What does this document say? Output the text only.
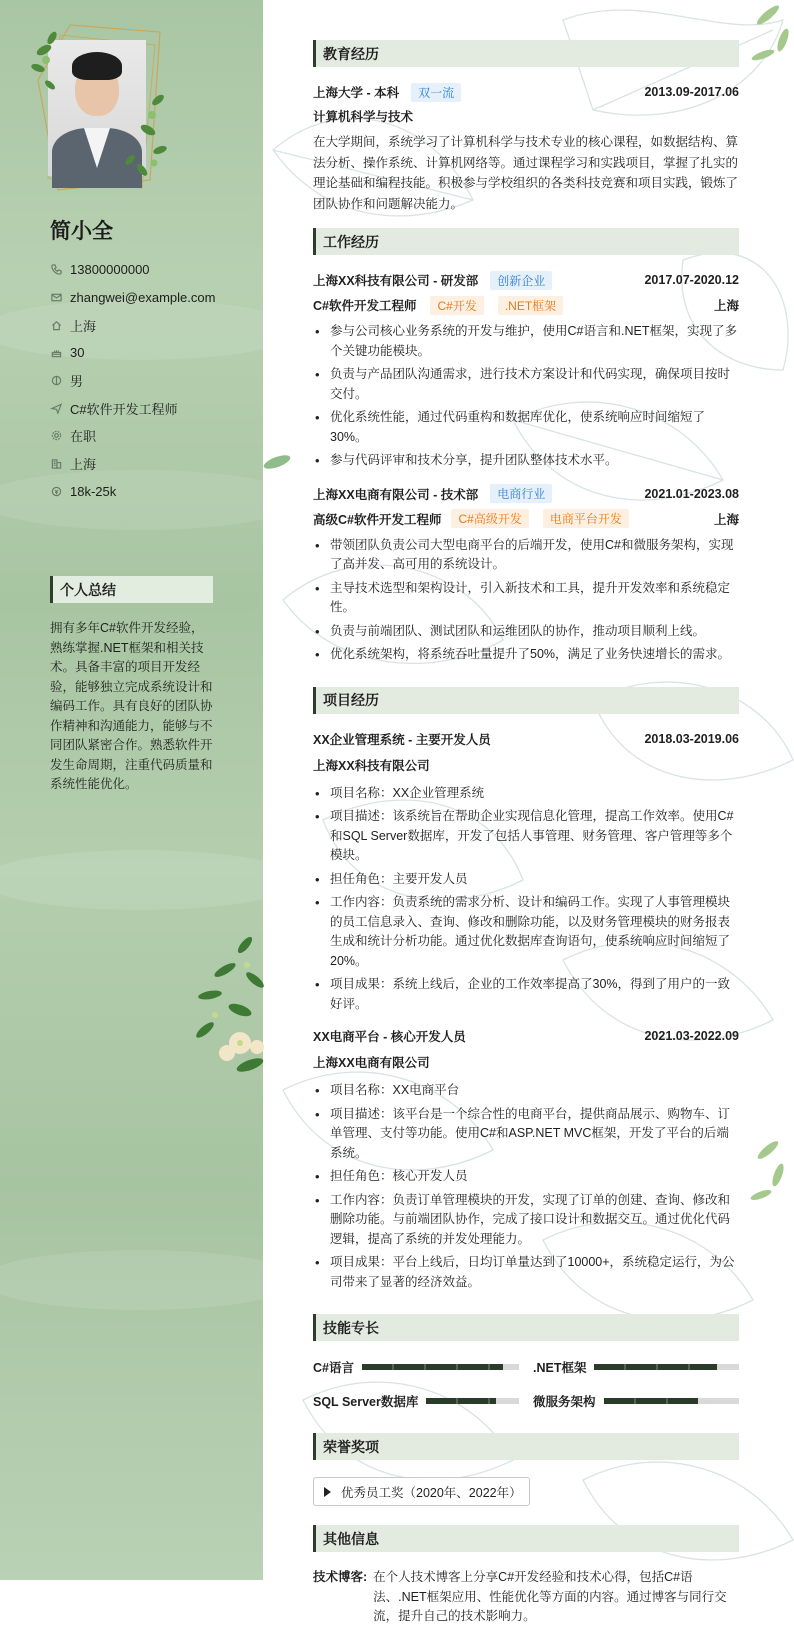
简小全
13800000000
zhangwei@example.com
上海
30
男
C#软件开发工程师
在职
上海
18k-25k
个人总结

拥有多年C#软件开发经验，熟练掌握.NET框架和相关技术。具备丰富的项目开发经验，能够独立完成系统设计和编码工作。具有良好的团队协作精神和沟通能力，能够与不同团队紧密合作。熟悉软件开发生命周期，注重代码质量和系统性能优化。

教育经历
上海大学 - 本科	双一流	2013.09-2017.06
计算机科学与技术

在大学期间，系统学习了计算机科学与技术专业的核心课程，如数据结构、算法分析、操作系统、计算机网络等。通过课程学习和实践项目，掌握了扎实的理论基础和编程技能。积极参与学校组织的各类科技竞赛和项目实践，锻炼了团队协作和问题解决能力。

工作经历
上海XX科技有限公司 - 研发部	创新企业	2017.07-2020.12
C#软件开发工程师	C#开发	.NET框架	上海
• 参与公司核心业务系统的开发与维护，使用C#语言和.NET框架，实现了多个关键功能模块。
• 负责与产品团队沟通需求，进行技术方案设计和代码实现，确保项目按时交付。
• 优化系统性能，通过代码重构和数据库优化，使系统响应时间缩短了30%。
• 参与代码评审和技术分享，提升团队整体技术水平。
上海XX电商有限公司 - 技术部	电商行业	2021.01-2023.08
高级C#软件开发工程师	C#高级开发	电商平台开发	上海
• 带领团队负责公司大型电商平台的后端开发，使用C#和微服务架构，实现了高并发、高可用的系统设计。
• 主导技术选型和架构设计，引入新技术和工具，提升开发效率和系统稳定性。
• 负责与前端团队、测试团队和运维团队的协作，推动项目顺利上线。
• 优化系统架构，将系统吞吐量提升了50%，满足了业务快速增长的需求。
项目经历
XX企业管理系统 - 主要开发人员	2018.03-2019.06
上海XX科技有限公司
• 项目名称：XX企业管理系统
• 项目描述：该系统旨在帮助企业实现信息化管理，提高工作效率。使用C#和SQL Server数据库，开发了包括人事管理、财务管理、客户管理等多个模块。
• 担任角色：主要开发人员
• 工作内容：负责系统的需求分析、设计和编码工作。实现了人事管理模块的员工信息录入、查询、修改和删除功能，以及财务管理模块的财务报表生成和统计分析功能。通过优化数据库查询语句，使系统响应时间缩短了20%。
• 项目成果：系统上线后，企业的工作效率提高了30%，得到了用户的一致好评。
XX电商平台 - 核心开发人员	2021.03-2022.09
上海XX电商有限公司
• 项目名称：XX电商平台
• 项目描述：该平台是一个综合性的电商平台，提供商品展示、购物车、订单管理、支付等功能。使用C#和ASP.NET MVC框架，开发了平台的后端系统。
• 担任角色：核心开发人员
• 工作内容：负责订单管理模块的开发，实现了订单的创建、查询、修改和删除功能。与前端团队协作，完成了接口设计和数据交互。通过优化代码逻辑，提高了系统的并发处理能力。
• 项目成果：平台上线后，日均订单量达到了10000+，系统稳定运行，为公司带来了显著的经济效益。
技能专长
C#语言	.NET框架
SQL Server数据库	微服务架构
荣誉奖项
优秀员工奖（2020年、2022年）
其他信息
技术博客: 在个人技术博客上分享C#开发经验和技术心得，包括C#语法、.NET框架应用、性能优化等方面的内容。通过博客与同行交流，提升自己的技术影响力。
